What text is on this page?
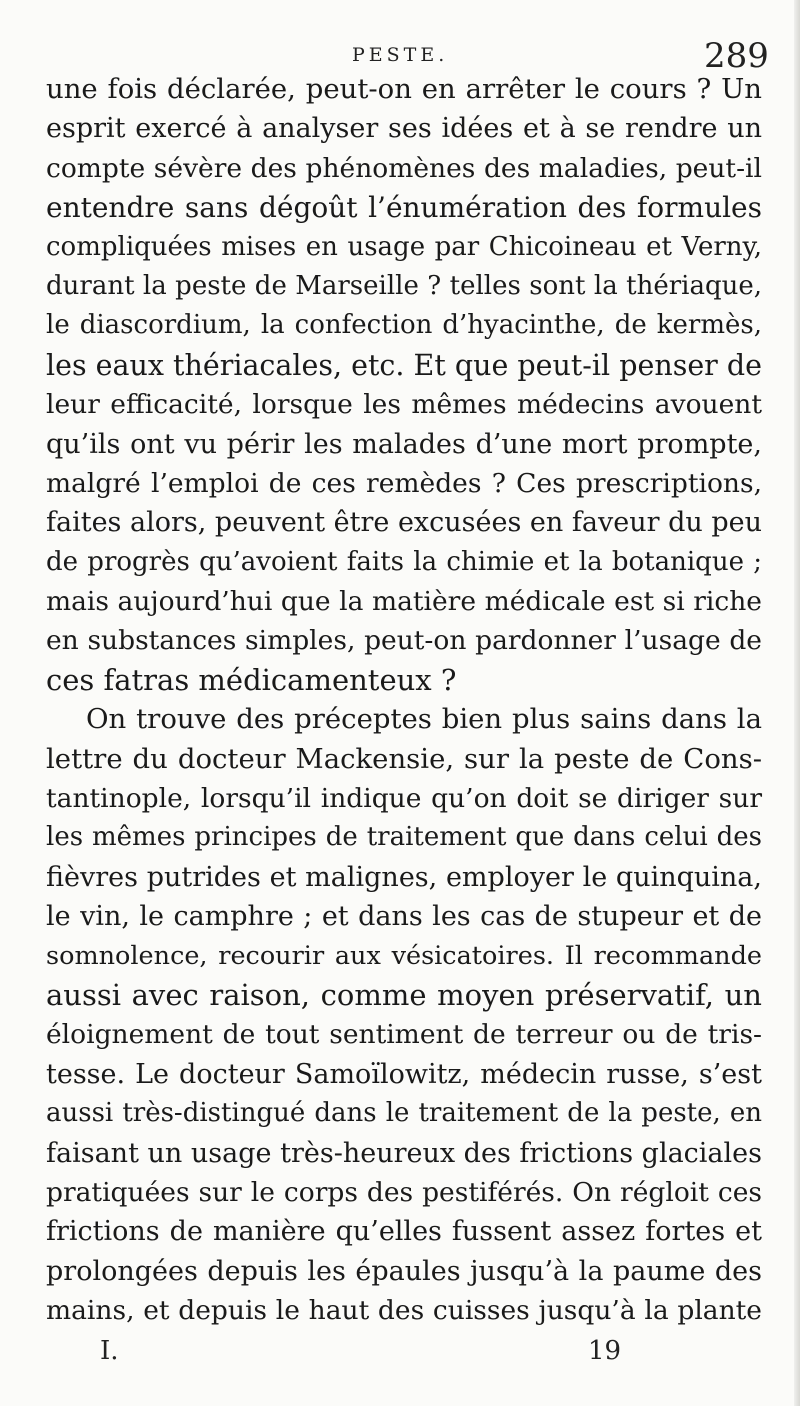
PESTE.	289
une fois déclarée, peut-on en arrêter le cours ? Un
esprit exercé à analyser ses idées et à se rendre un
compte sévère des phénomènes des maladies, peut-il
entendre sans dégoût l’énumération des formules
compliquées mises en usage par Chicoineau et Verny,
durant la peste de Marseille ? telles sont la thériaque,
le diascordium, la confection d’hyacinthe, de kermès,
les eaux thériacales, etc. Et que peut-il penser de
leur efficacité, lorsque les mêmes médecins avouent
qu’ils ont vu périr les malades d’une mort prompte,
malgré l’emploi de ces remèdes ? Ces prescriptions,
faites alors, peuvent être excusées en faveur du peu
de progrès qu’avoient faits la chimie et la botanique ;
mais aujourd’hui que la matière médicale est si riche
en substances simples, peut-on pardonner l’usage de
ces fatras médicamenteux ?
On trouve des préceptes bien plus sains dans la
lettre du docteur Mackensie, sur la peste de Cons-
tantinople, lorsqu’il indique qu’on doit se diriger sur
les mêmes principes de traitement que dans celui des
fièvres putrides et malignes, employer le quinquina,
le vin, le camphre ; et dans les cas de stupeur et de
somnolence, recourir aux vésicatoires. Il recommande
aussi avec raison, comme moyen préservatif, un
éloignement de tout sentiment de terreur ou de tris-
tesse. Le docteur Samoïlowitz, médecin russe, s’est
aussi très-distingué dans le traitement de la peste, en
faisant un usage très-heureux des frictions glaciales
pratiquées sur le corps des pestiférés. On régloit ces
frictions de manière qu’elles fussent assez fortes et
prolongées depuis les épaules jusqu’à la paume des
mains, et depuis le haut des cuisses jusqu’à la plante
I.	19
